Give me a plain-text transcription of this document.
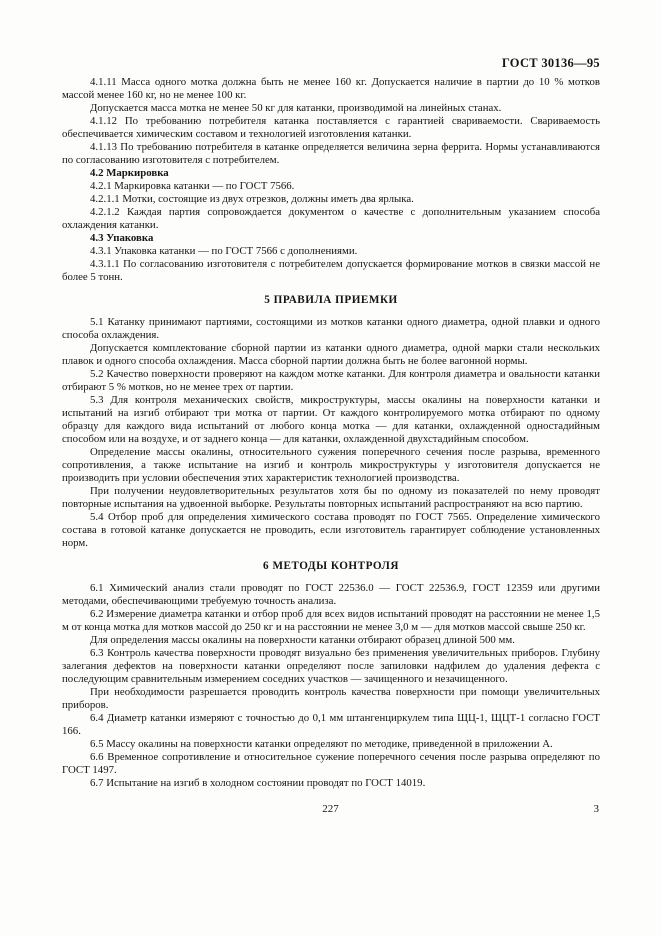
ГОСТ 30136—95

4.1.11 Масса одного мотка должна быть не менее 160 кг. Допускается наличие в партии до 10 % мотков массой менее 160 кг, но не менее 100 кг.

Допускается масса мотка не менее 50 кг для катанки, производимой на линейных станах.

4.1.12 По требованию потребителя катанка поставляется с гарантией свариваемости. Свариваемость обеспечивается химическим составом и технологией изготовления катанки.

4.1.13 По требованию потребителя в катанке определяется величина зерна феррита. Нормы устанавливаются по согласованию изготовителя с потребителем.

4.2 Маркировка

4.2.1 Маркировка катанки — по ГОСТ 7566.

4.2.1.1 Мотки, состоящие из двух отрезков, должны иметь два ярлыка.

4.2.1.2 Каждая партия сопровождается документом о качестве с дополнительным указанием способа охлаждения катанки.

4.3 Упаковка

4.3.1 Упаковка катанки — по ГОСТ 7566 с дополнениями.

4.3.1.1 По согласованию изготовителя с потребителем допускается формирование мотков в связки массой не более 5 тонн.

5 ПРАВИЛА ПРИЕМКИ

5.1 Катанку принимают партиями, состоящими из мотков катанки одного диаметра, одной плавки и одного способа охлаждения.

Допускается комплектование сборной партии из катанки одного диаметра, одной марки стали нескольких плавок и одного способа охлаждения. Масса сборной партии должна быть не более вагонной нормы.

5.2 Качество поверхности проверяют на каждом мотке катанки. Для контроля диаметра и овальности катанки отбирают 5 % мотков, но не менее трех от партии.

5.3 Для контроля механических свойств, микроструктуры, массы окалины на поверхности катанки и испытаний на изгиб отбирают три мотка от партии. От каждого контролируемого мотка отбирают по одному образцу для каждого вида испытаний от любого конца мотка — для катанки, охлажденной одностадийным способом или на воздухе, и от заднего конца — для катанки, охлажденной двухстадийным способом.

Определение массы окалины, относительного сужения поперечного сечения после разрыва, временного сопротивления, а также испытание на изгиб и контроль микроструктуры у изготовителя допускается не производить при условии обеспечения этих характеристик технологией производства.

При получении неудовлетворительных результатов хотя бы по одному из показателей по нему проводят повторные испытания на удвоенной выборке. Результаты повторных испытаний распространяют на всю партию.

5.4 Отбор проб для определения химического состава проводят по ГОСТ 7565. Определение химического состава в готовой катанке допускается не проводить, если изготовитель гарантирует соблюдение установленных норм.

6 МЕТОДЫ КОНТРОЛЯ

6.1 Химический анализ стали проводят по ГОСТ 22536.0 — ГОСТ 22536.9, ГОСТ 12359 или другими методами, обеспечивающими требуемую точность анализа.

6.2 Измерение диаметра катанки и отбор проб для всех видов испытаний проводят на расстоянии не менее 1,5 м от конца мотка для мотков массой до 250 кг и на расстоянии не менее 3,0 м — для мотков массой свыше 250 кг.

Для определения массы окалины на поверхности катанки отбирают образец длиной 500 мм.

6.3 Контроль качества поверхности проводят визуально без применения увеличительных приборов. Глубину залегания дефектов на поверхности катанки определяют после запиловки надфилем до удаления дефекта с последующим сравнительным измерением соседних участков — зачищенного и незачищенного.

При необходимости разрешается проводить контроль качества поверхности при помощи увеличительных приборов.

6.4 Диаметр катанки измеряют с точностью до 0,1 мм штангенциркулем типа ЩЦ-1, ЩЦТ-1 согласно ГОСТ 166.

6.5 Массу окалины на поверхности катанки определяют по методике, приведенной в приложении А.

6.6 Временное сопротивление и относительное сужение поперечного сечения после разрыва определяют по ГОСТ 1497.

6.7 Испытание на изгиб в холодном состоянии проводят по ГОСТ 14019.

227	3
